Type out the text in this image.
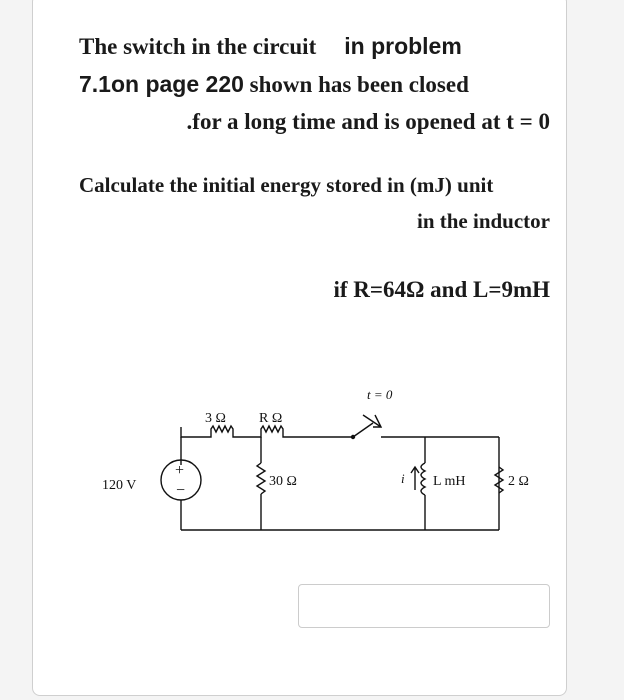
The switch in the circuit in problem
7.1on page 220 shown has been closed
.for a long time and is opened at t = 0
Calculate the initial energy stored in (mJ) unit
in the inductor
if R=64Ω and L=9mH
120 V
+
−
3 Ω R Ω
30 Ω
t = 0
i L mH	2 Ω
